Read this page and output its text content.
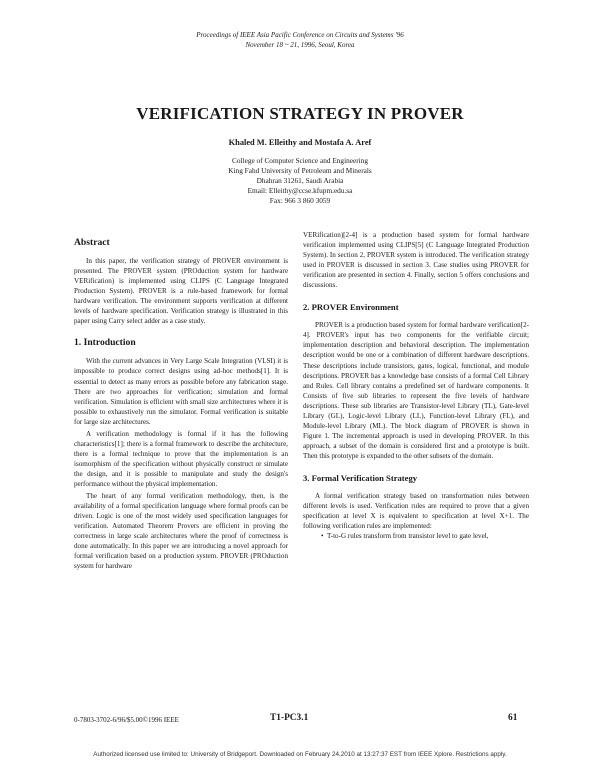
Proceedings of IEEE Asia Pacific Conference on Circuits and Systems '96
November 18 ~ 21, 1996, Seoul, Korea
VERIFICATION STRATEGY IN PROVER
Khaled M. Elleithy and Mostafa A. Aref
College of Computer Science and Engineering
King Fahd University of Petroleum and Minerals
Dhahran 31261, Saudi Arabia
Email: Elleithy@ccse.kfupm.edu.sa
Fax: 966 3 860 3059

Abstract

In this paper, the verification strategy of PROVER environment is presented. The PROVER system (PROduction system for hardware VERification) is implemented using CLIPS (C Language Integrated Production System). PROVER is a rule-based framework for formal hardware verification. The environment supports verification at different levels of hardware specification. Verification strategy is illustrated in this paper using Carry select adder as a case study.

1. Introduction

With the current advances in Very Large Scale Integration (VLSI) it is impossible to produce correct designs using ad-hoc methods[1]. It is essential to detect as many errors as possible before any fabrication stage. There are two approaches for verification; simulation and formal verification. Simulation is efficient with small size architectures where it is possible to exhaustively run the simulator. Formal verification is suitable for large size architectures.

A verification methodology is formal if it has the following characteristics[1]; there is a formal framework to describe the architecture, there is a formal technique to prove that the implementation is an isomorphism of the specification without physically construct or simulate the design, and it is possible to manipulate and study the design's performance without the physical implementation.

The heart of any formal verification methodology, then, is the availability of a formal specification language where formal proofs can be driven. Logic is one of the most widely used specification languages for verification. Automated Theorem Provers are efficient in proving the correctness in large scale architectures where the proof of correctness is done automatically. In this paper we are introducing a novel approach for formal verification based on a production system. PROVER (PROduction system for hardware

VERification)[2-4] is a production based system for formal hardware verification implemented using CLIPS[5] (C Language Integrated Production System). In section 2, PROVER system is introduced. The verification strategy used in PROVER is discussed in section 3. Case studies using PROVER for verification are presented in section 4. Finally, section 5 offers conclusions and discussions.

2. PROVER Environment

PROVER is a production based system for formal hardware verification[2-4]. PROVER's input has two components for the verifiable circuit; implementation description and behavioral description. The implementation description would be one or a combination of different hardware descriptions. These descriptions include transistors, gates, logical, functional, and module descriptions. PROVER has a knowledge base consists of a formal Cell Library and Rules. Cell library contains a predefined set of hardware components. It Consists of five sub libraries to represent the five levels of hardware descriptions. These sub libraries are Transistor-level Library (TL), Gate-level Library (GL), Logic-level Library (LL), Function-level Library (FL), and Module-level Library (ML). The block diagram of PROVER is shown in Figure 1. The incremental approach is used in developing PROVER. In this approach, a subset of the domain is considered first and a prototype is built. Then this prototype is expanded to the other subsets of the domain.

3. Formal Verification Strategy

A formal verification strategy based on transformation rules between different levels is used. Verification rules are required to prove that a given specification at level X is equivalent to specification at level X+1. The following verification rules are implemented:

• T-to-G rules transform from transistor level to gate level,

0-7803-3702-6/96/$5.00©1996 IEEE	T1-PC3.1	61
Authorized licensed use limited to: University of Bridgeport. Downloaded on February 24,2010 at 13:27:37 EST from IEEE Xplore. Restrictions apply.
